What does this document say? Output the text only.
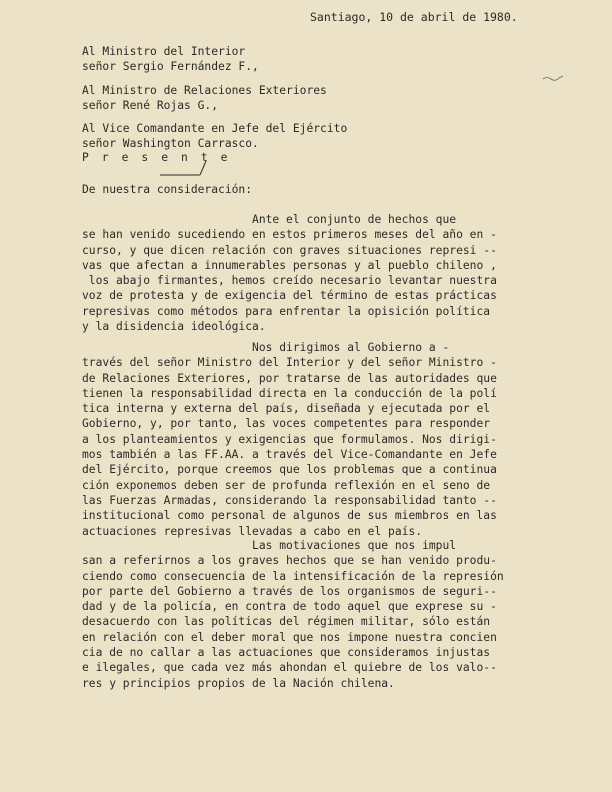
Santiago, 10 de abril de 1980.
Al Ministro del Interior
señor Sergio Fernández F.,
Al Ministro de Relaciones Exteriores
señor René Rojas G.,
Al Vice Comandante en Jefe del Ejército
señor Washington Carrasco.
P r e s e n t e
De nuestra consideración:
Ante el conjunto de hechos que
se han venido sucediendo en estos primeros meses del año en -
curso, y que dicen relación con graves situaciones represi --
vas que afectan a innumerables personas y al pueblo chileno ,
los abajo firmantes, hemos creído necesario levantar nuestra
voz de protesta y de exigencia del término de estas prácticas
represivas como métodos para enfrentar la opisición política
y la disidencia ideológica.
Nos dirigimos al Gobierno a -
través del señor Ministro del Interior y del señor Ministro -
de Relaciones Exteriores, por tratarse de las autoridades que
tienen la responsabilidad directa en la conducción de la polí
tica interna y externa del país, diseñada y ejecutada por el
Gobierno, y, por tanto, las voces competentes para responder
a los planteamientos y exigencias que formulamos. Nos dirigi-
mos también a las FF.AA. a través del Vice-Comandante en Jefe
del Ejército, porque creemos que los problemas que a continua
ción exponemos deben ser de profunda reflexión en el seno de
las Fuerzas Armadas, considerando la responsabilidad tanto --
institucional como personal de algunos de sus miembros en las
actuaciones represivas llevadas a cabo en el país.
Las motivaciones que nos impul
san a referirnos a los graves hechos que se han venido produ-
ciendo como consecuencia de la intensificación de la represión
por parte del Gobierno a través de los organismos de seguri--
dad y de la policía, en contra de todo aquel que exprese su -
desacuerdo con las políticas del régimen militar, sólo están
en relación con el deber moral que nos impone nuestra concien
cia de no callar a las actuaciones que consideramos injustas
e ilegales, que cada vez más ahondan el quiebre de los valo--
res y principios propios de la Nación chilena.
